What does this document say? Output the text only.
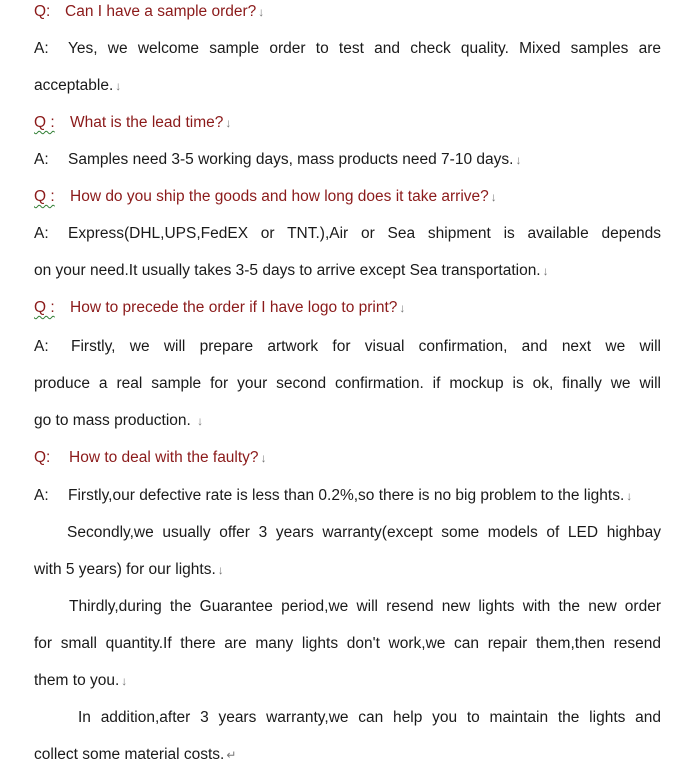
Q: Can I have a sample order? ↓
A: Yes, we welcome sample order to test and check quality. Mixed samples are
acceptable. ↓
Q : What is the lead time? ↓
A: Samples need 3-5 working days, mass products need 7-10 days. ↓
Q : How do you ship the goods and how long does it take arrive? ↓
A: Express(DHL,UPS,FedEX or TNT.),Air or Sea shipment is available depends
on your need.It usually takes 3-5 days to arrive except Sea transportation. ↓
Q : How to precede the order if I have logo to print? ↓
A: Firstly, we will prepare artwork for visual confirmation, and next we will
produce a real sample for your second confirmation. if mockup is ok, finally we will
go to mass production. ↓
Q: How to deal with the faulty? ↓
A: Firstly,our defective rate is less than 0.2%,so there is no big problem to the lights. ↓
Secondly,we usually offer 3 years warranty(except some models of LED highbay
with 5 years) for our lights. ↓
Thirdly,during the Guarantee period,we will resend new lights with the new order
for small quantity.If there are many lights don't work,we can repair them,then resend
them to you. ↓
In addition,after 3 years warranty,we can help you to maintain the lights and
collect some material costs. ↵
